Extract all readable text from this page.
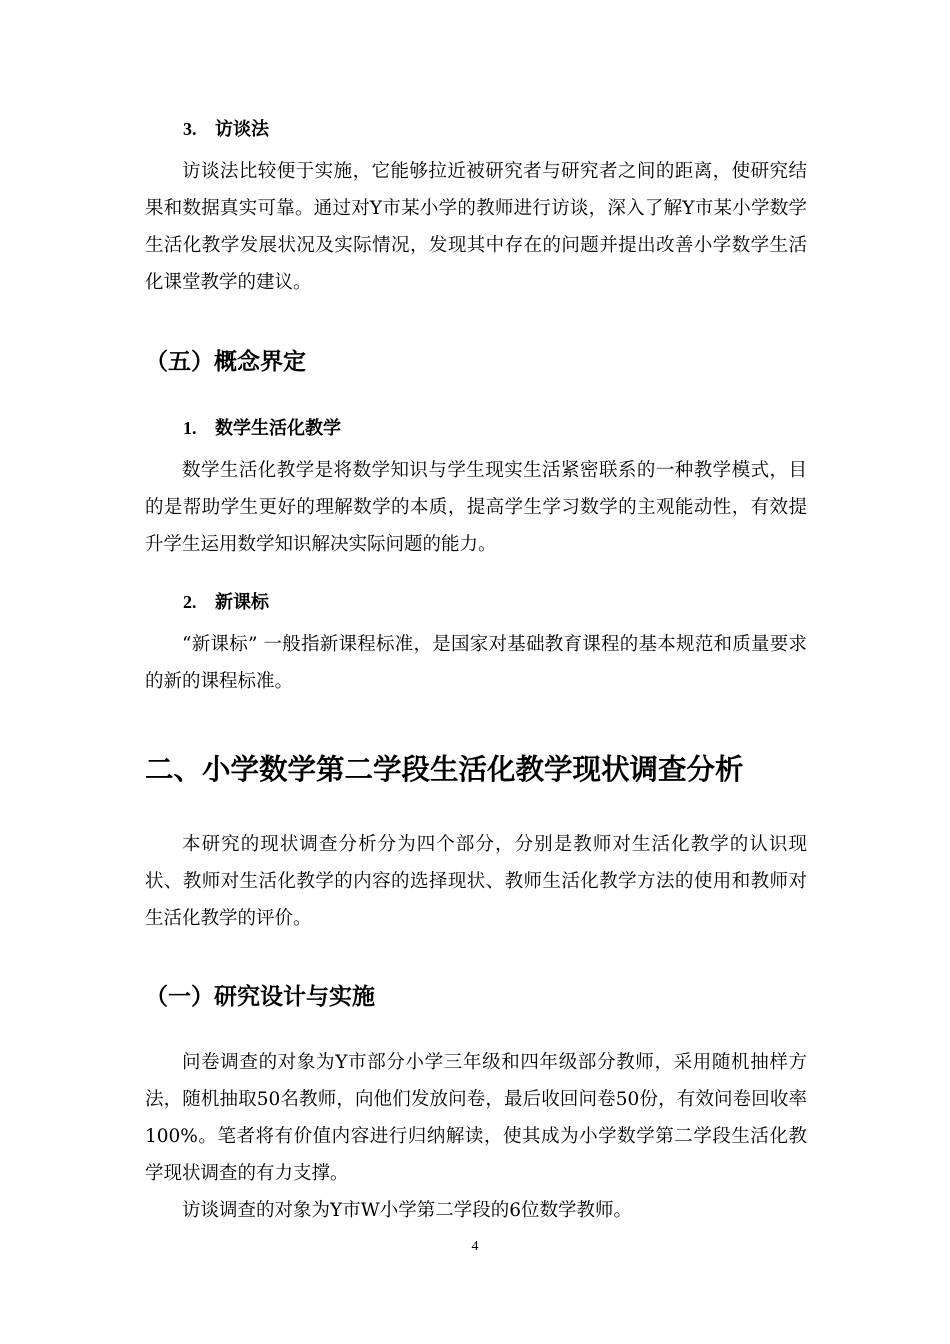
3. 访谈法

访谈法比较便于实施，它能够拉近被研究者与研究者之间的距离，使研究结果和数据真实可靠。通过对Y市某小学的教师进行访谈，深入了解Y市某小学数学生活化教学发展状况及实际情况，发现其中存在的问题并提出改善小学数学生活化课堂教学的建议。

（五）概念界定
1. 数学生活化教学

数学生活化教学是将数学知识与学生现实生活紧密联系的一种教学模式，目的是帮助学生更好的理解数学的本质，提高学生学习数学的主观能动性，有效提升学生运用数学知识解决实际问题的能力。

2. 新课标

“新课标” 一般指新课程标准，是国家对基础教育课程的基本规范和质量要求的新的课程标准。

二、小学数学第二学段生活化教学现状调查分析

本研究的现状调查分析分为四个部分，分别是教师对生活化教学的认识现状、教师对生活化教学的内容的选择现状、教师生活化教学方法的使用和教师对生活化教学的评价。

（一）研究设计与实施

问卷调查的对象为Y市部分小学三年级和四年级部分教师，采用随机抽样方法，随机抽取50名教师，向他们发放问卷，最后收回问卷50份，有效问卷回收率100%。笔者将有价值内容进行归纳解读，使其成为小学数学第二学段生活化教学现状调查的有力支撑。

访谈调查的对象为Y市W小学第二学段的6位数学教师。

4
